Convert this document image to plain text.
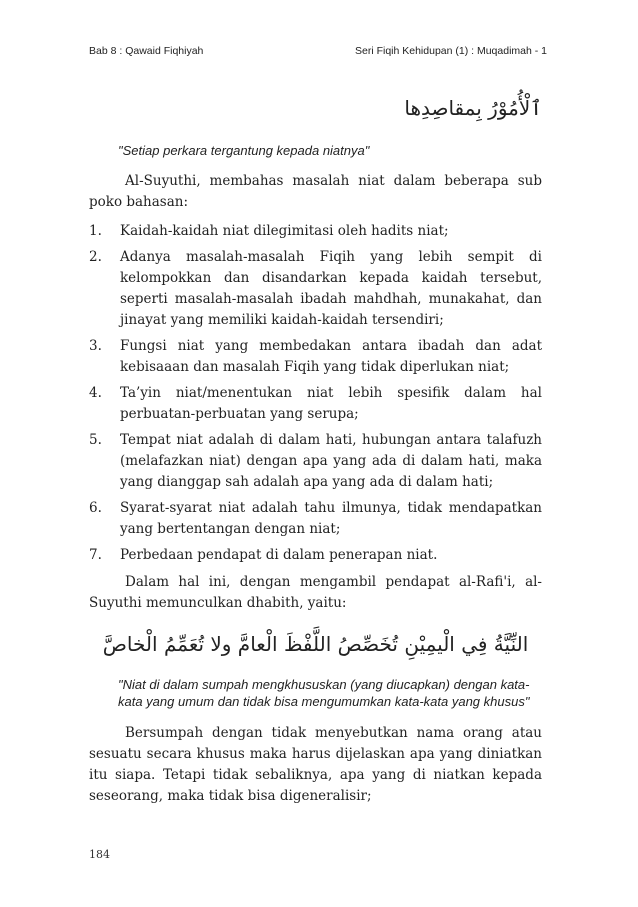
Bab 8 : Qawaid Fiqhiyah	Seri Fiqih Kehidupan (1) : Muqadimah - 1
ٱلْأُمُوْرُ بِمقاصِدِها
"Setiap perkara tergantung kepada niatnya"

Al-Suyuthi, membahas masalah niat dalam beberapa sub poko bahasan:

1.	Kaidah-kaidah niat dilegimitasi oleh hadits niat;
2.	Adanya masalah-masalah Fiqih yang lebih sempit di kelompokkan dan disandarkan kepada kaidah tersebut, seperti masalah-masalah ibadah mahdhah, munakahat, dan jinayat yang memiliki kaidah-kaidah tersendiri;
3.	Fungsi niat yang membedakan antara ibadah dan adat kebisaaan dan masalah Fiqih yang tidak diperlukan niat;
4.	Ta’yin niat/menentukan niat lebih spesifik dalam hal perbuatan-perbuatan yang serupa;
5.	Tempat niat adalah di dalam hati, hubungan antara talafuzh (melafazkan niat) dengan apa yang ada di dalam hati, maka yang dianggap sah adalah apa yang ada di dalam hati;
6.	Syarat-syarat niat adalah tahu ilmunya, tidak mendapatkan yang bertentangan dengan niat;
7.	Perbedaan pendapat di dalam penerapan niat.

Dalam hal ini, dengan mengambil pendapat al-Rafi'i, al-Suyuthi memunculkan dhabith, yaitu:

النِّيَّةُ فِي الْيمِيْنِ تُخَصِّصُ اللَّفْظَ الْعامَّ ولا تُعَمِّمُ الْخاصَّ
"Niat di dalam sumpah mengkhususkan (yang diucapkan) dengan kata-kata yang umum dan tidak bisa mengumumkan kata-kata yang khusus"

Bersumpah dengan tidak menyebutkan nama orang atau sesuatu secara khusus maka harus dijelaskan apa yang diniatkan itu siapa. Tetapi tidak sebaliknya, apa yang di niatkan kepada seseorang, maka tidak bisa digeneralisir;

184
